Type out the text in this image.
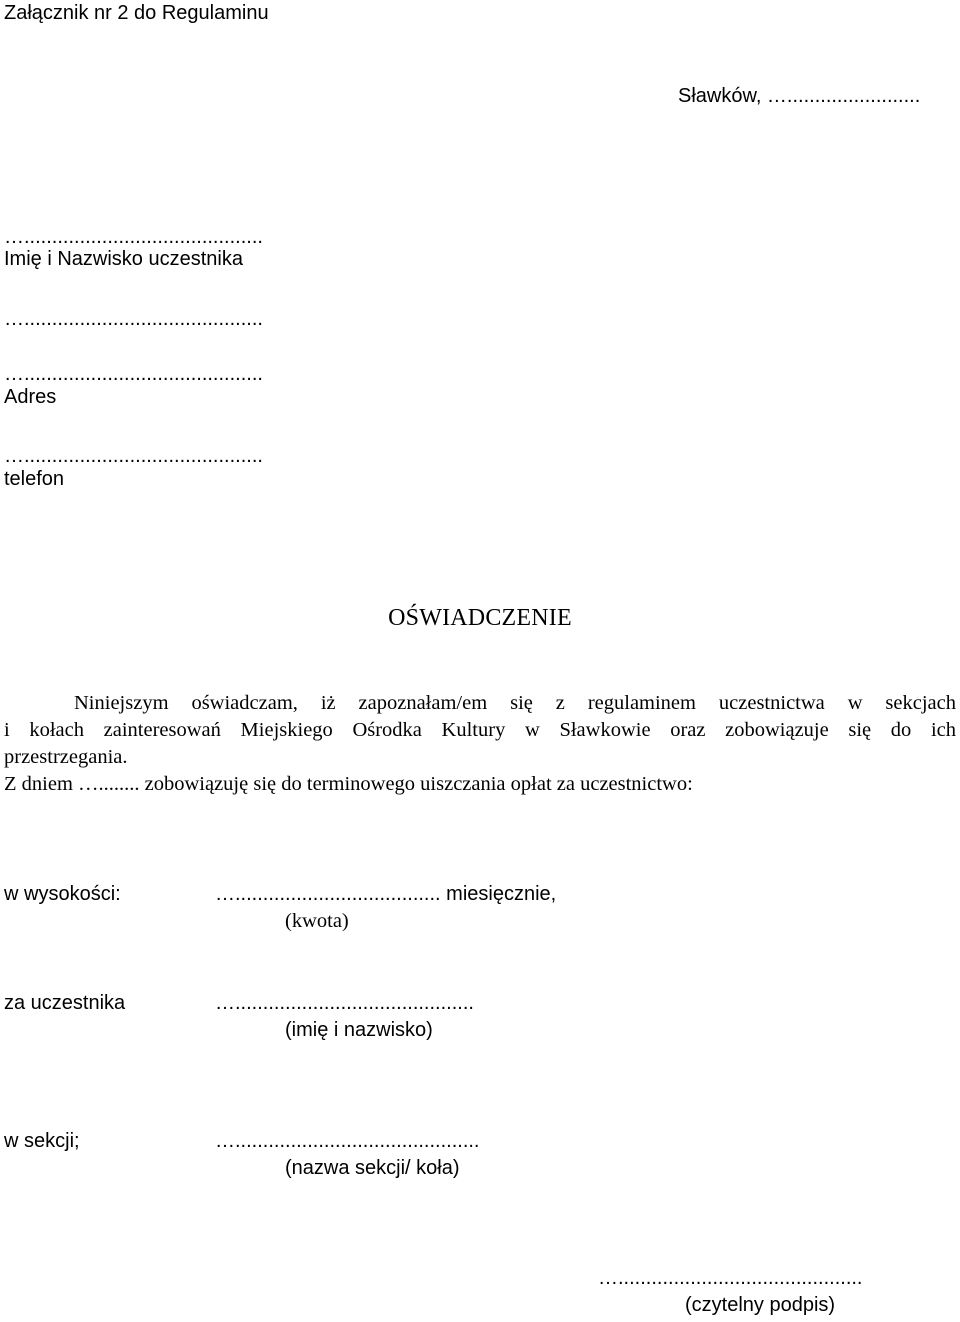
Załącznik nr 2 do Regulaminu
Sławków, …........................
…...........................................
Imię i Nazwisko uczestnika
…...........................................
…...........................................
Adres
…...........................................
telefon
OŚWIADCZENIE
Niniejszym oświadczam, iż zapoznałam/em się z regulaminem uczestnictwa w sekcjach
i kołach zainteresowań Miejskiego Ośrodka Kultury w Sławkowie oraz zobowiązuje się do ich
przestrzegania.
Z dniem …........ zobowiązuję się do terminowego uiszczania opłat za uczestnictwo:
w wysokości:	…..................................... miesięcznie,
(kwota)
za uczestnika	…...........................................
(imię i nazwisko)
w sekcji;	…............................................
(nazwa sekcji/ koła)
…............................................
(czytelny podpis)
